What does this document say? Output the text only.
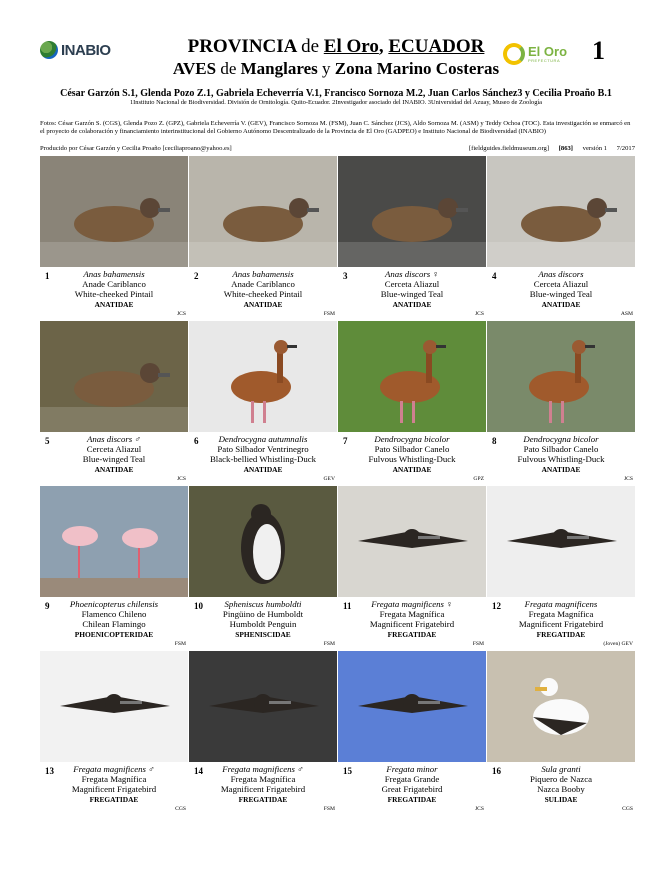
INABIO	PROVINCIA de El Oro, ECUADOR
AVES de Manglares y Zona Marino Costeras
El Oro
PREFECTURA 1
César Garzón S.1, Glenda Pozo Z.1, Gabriela Echeverría V.1, Francisco Sornoza M.2, Juan Carlos Sánchez3 y Cecilia Proaño B.1
1Instituto Nacional de Biodiversidad. División de Ornitología. Quito-Ecuador. 2Investigador asociado del INABIO. 3Universidad del Azuay, Museo de Zoología
Fotos: César Garzón S. (CGS), Glenda Pozo Z. (GPZ), Gabriela Echeverría V. (GEV), Francisco Sornoza M. (FSM), Juan C. Sánchez (JCS), Aldo Sornoza M. (ASM) y Teddy Ochoa (TOC). Esta investigación se enmarcó en el proyecto de colaboración y financiamiento interinstitucional del Gobierno Autónomo Descentralizado de la Provincia de El Oro (GADPEO) e Instituto Nacional de Biodiversidad (INABIO)
Producido por César Garzón y Cecilia Proaño [ceciliaproano@yahoo.es]	[fieldguides.fieldmuseum.org] [863] versión 1 7/2017
1	Anas bahamensis
Anade Cariblanco
White-cheeked Pintail
ANATIDAE
JCS
2	Anas bahamensis
Anade Cariblanco
White-cheeked Pintail
ANATIDAE
FSM
3	Anas discors ♀
Cerceta Aliazul
Blue-winged Teal
ANATIDAE
JCS
4	Anas discors
Cerceta Aliazul
Blue-winged Teal
ANATIDAE
ASM
5	Anas discors ♂
Cerceta Aliazul
Blue-winged Teal
ANATIDAE
JCS
6	Dendrocygna autumnalis
Pato Silbador Ventrinegro
Black-bellied Whistling-Duck
ANATIDAE
GEV
7	Dendrocygna bicolor
Pato Silbador Canelo
Fulvous Whistling-Duck
ANATIDAE
GPZ
8	Dendrocygna bicolor
Pato Silbador Canelo
Fulvous Whistling-Duck
ANATIDAE
JCS
9	Phoenicopterus chilensis
Flamenco Chileno
Chilean Flamingo
PHOENICOPTERIDAE
FSM
10	Spheniscus humboldti
Pingüino de Humboldt
Humboldt Penguin
SPHENISCIDAE
FSM
11	Fregata magnificens ♀
Fregata Magnífica
Magnificent Frigatebird
FREGATIDAE
FSM
12	Fregata magnificens
Fregata Magnífica
Magnificent Frigatebird
FREGATIDAE
(Joven) GEV
13	Fregata magnificens ♂
Fregata Magnífica
Magnificent Frigatebird
FREGATIDAE
CGS
14	Fregata magnificens ♂
Fregata Magnífica
Magnificent Frigatebird
FREGATIDAE
FSM
15	Fregata minor
Fregata Grande
Great Frigatebird
FREGATIDAE
JCS
16	Sula granti
Piquero de Nazca
Nazca Booby
SULIDAE
CGS
